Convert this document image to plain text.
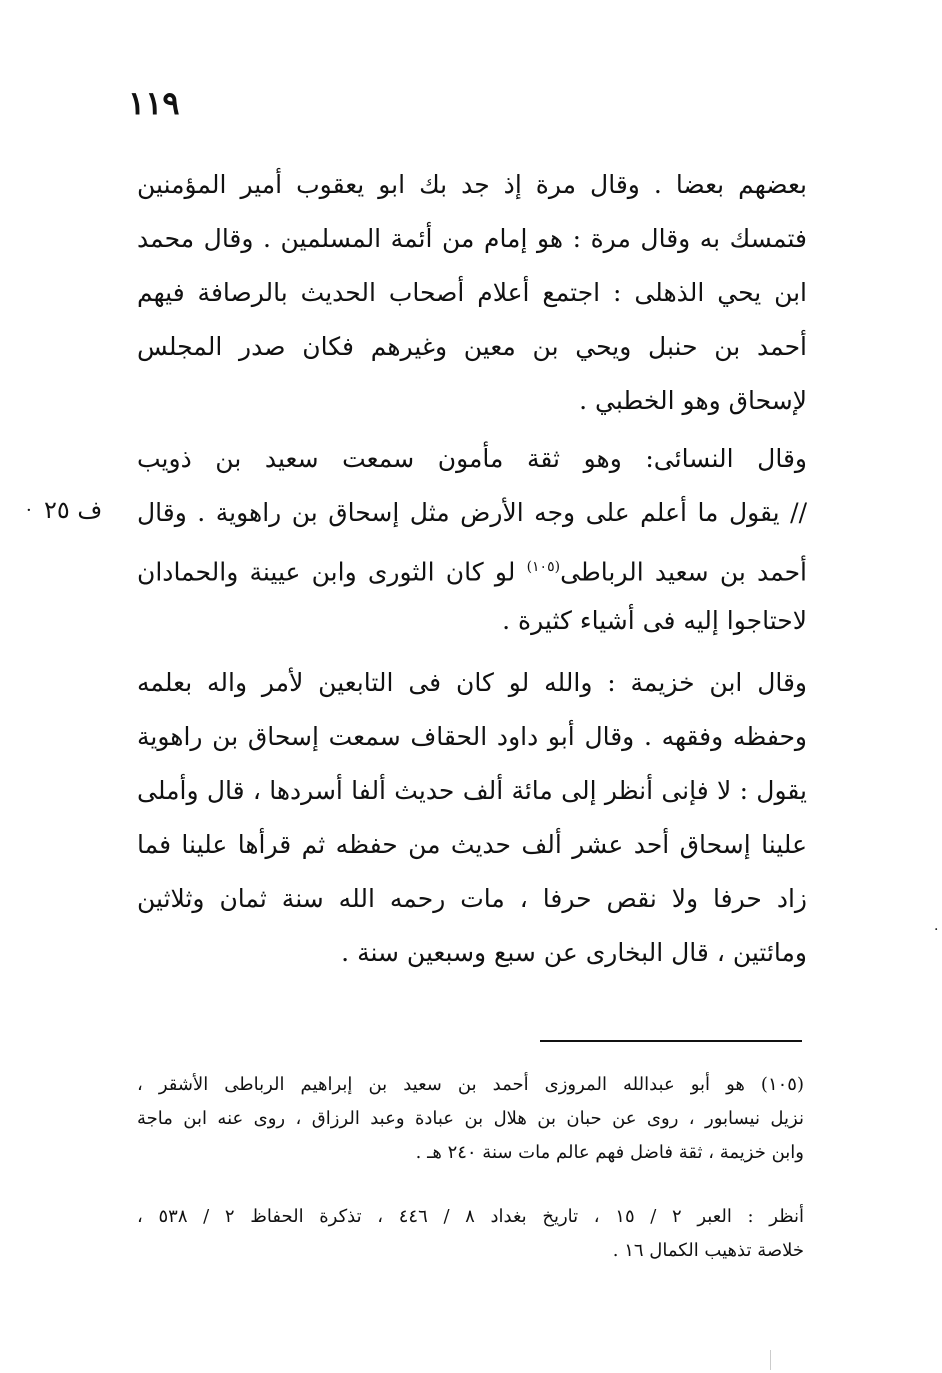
١١٩
· ف ٢٥
·
بعضهم بعضا . وقال مرة إذ جد بك ابو يعقوب أمير المؤمنين
فتمسك به وقال مرة : هو إمام من أئمة المسلمين . وقال محمد
ابن يحي الذهلى : اجتمع أعلام أصحاب الحديث بالرصافة فيهم
أحمد بن حنبل ويحي بن معين وغيرهم فكان صدر المجلس
لإسحاق وهو الخطبي .
وقال النسائى: وهو ثقة مأمون سمعت سعيد بن ذويب
// يقول ما أعلم على وجه الأرض مثل إسحاق بن راهوية . وقال
أحمد بن سعيد الرباطى$^{(١٠٥)}$ لو كان الثورى وابن عيينة والحمادان
لاحتاجوا إليه فى أشياء كثيرة .
وقال ابن خزيمة : والله لو كان فى التابعين لأمر واله بعلمه
وحفظه وفقهه . وقال أبو داود الحقاف سمعت إسحاق بن راهوية
يقول : لا فإنى أنظر إلى مائة ألف حديث ألفا أسردها ، قال وأملى
علينا إسحاق أحد عشر ألف حديث من حفظه ثم قرأها علينا فما
زاد حرفا ولا نقص حرفا ، مات رحمه الله سنة ثمان وثلاثين
ومائتين ، قال البخارى عن سبع وسبعين سنة .
(١٠٥) هو أبو عبدالله المروزى أحمد بن سعيد بن إبراهيم الرباطى الأشقر ،
نزيل نيسابور ، روى عن حبان بن هلال بن عبادة وعبد الرزاق ، روى عنه ابن ماجة
وابن خزيمة ، ثقة فاضل فهم عالم مات سنة ٢٤٠ هـ .
أنظر : العبر ٢ / ١٥ ، تاريخ بغداد ٨ / ٤٤٦ ، تذكرة الحفاظ ٢ / ٥٣٨ ،
خلاصة تذهيب الكمال ١٦ .
